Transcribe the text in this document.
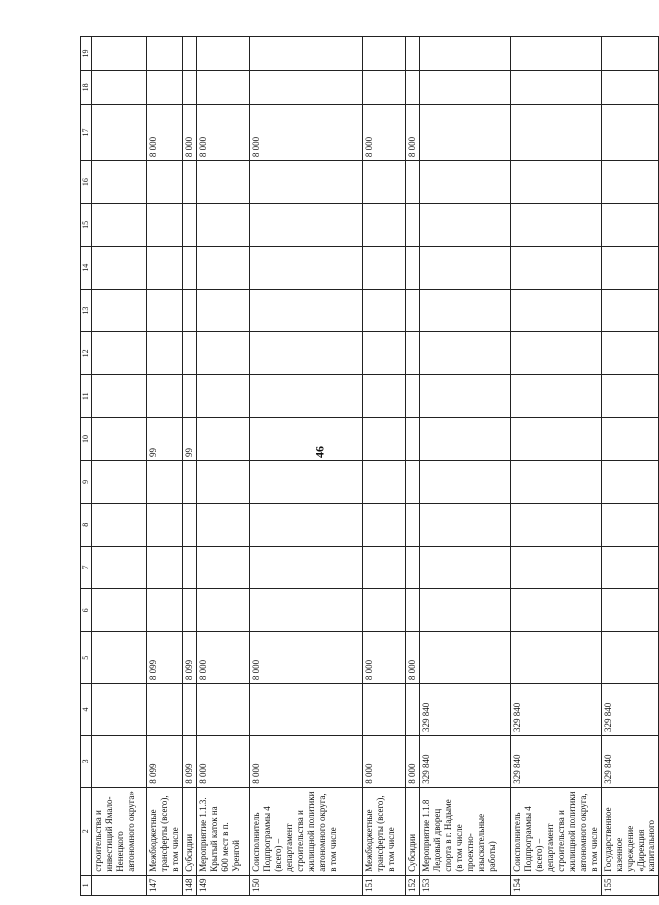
46
1	2	3	4	5	6	7	8	9	10	11	12	13	14	15	16	17	18	19
	строительства и инвестиций Ямало-Ненецкого автономного округа»																	
147	Межбюджетные трансферты (всего), в том числе	8 099		8 099					99							8 000		
148	Субсидии	8 099		8 099					99							8 000		
149	Мероприятие 1.1.3. Крытый каток на 600 мест в п. Уренгой	8 000		8 000												8 000		
150	Соисполнитель Подпрограммы 4 (всего) – департамент строительства и жилищной политики автономного округа, в том числе	8 000		8 000												8 000		
151	Межбюджетные трансферты (всего), в том числе	8 000		8 000												8 000		
152	Субсидии	8 000		8 000												8 000		
153	Мероприятие 1.1.8 Ледовый дворец спорта в г. Надыме (в том числе проектно-изыскательные работы)	329 840	329 840															
154	Соисполнитель Подпрограммы 4 (всего) – департамент строительства и жилищной политики автономного округа, в том числе	329 840	329 840															
155	Государственное казенное учреждение «Дирекция капитального	329 840	329 840															
